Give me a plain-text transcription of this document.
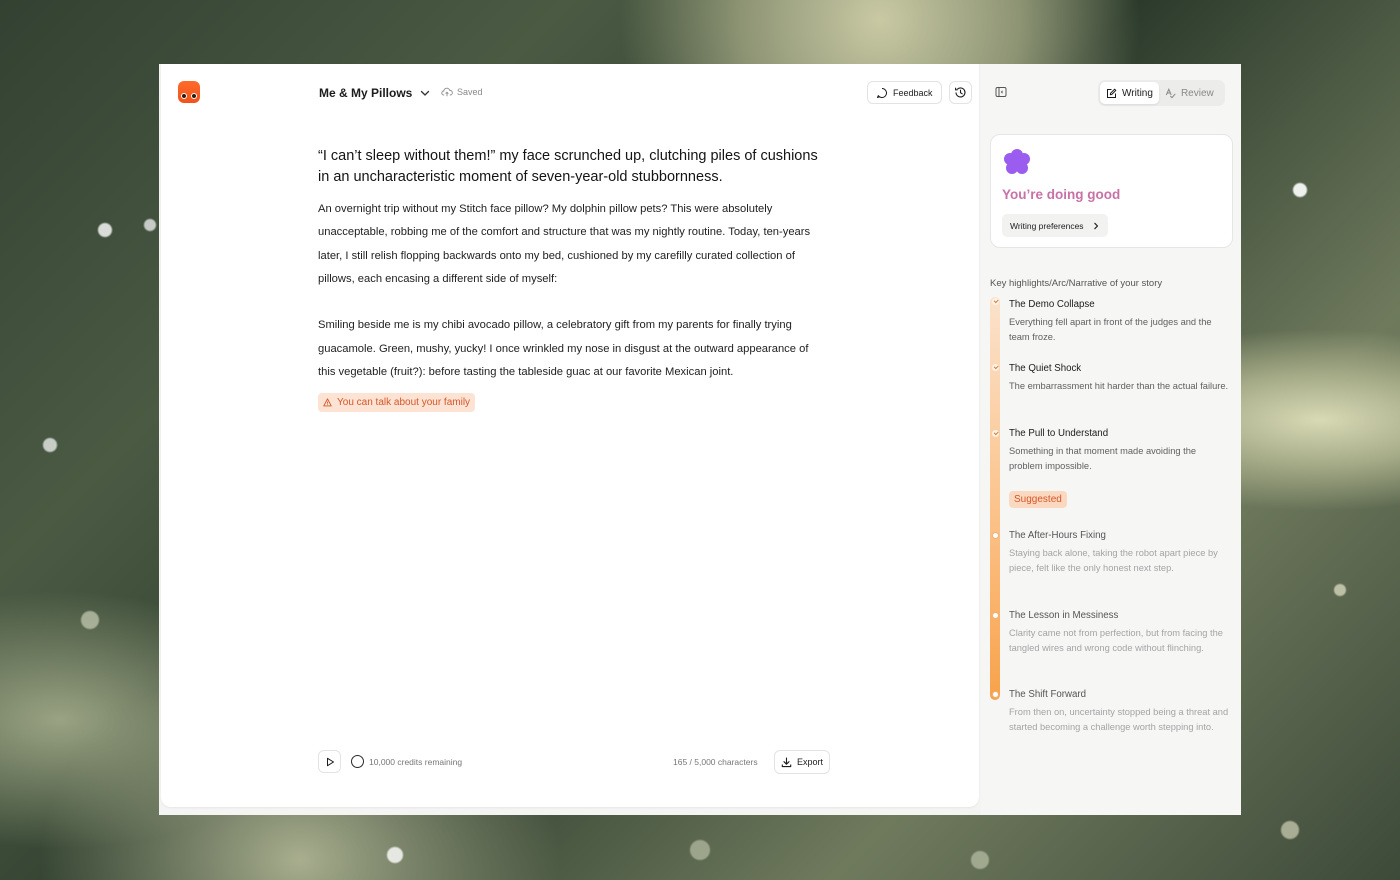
Me & My Pillows	Saved	Feedback
“I can’t sleep without them!” my face scrunched up, clutching piles of cushions in an uncharacteristic moment of seven-year-old stubbornness.

An overnight trip without my Stitch face pillow? My dolphin pillow pets? This were absolutely unacceptable, robbing me of the comfort and structure that was my nightly routine. Today, ten-years later, I still relish flopping backwards onto my bed, cushioned by my carefilly curated collection of pillows, each encasing a different side of myself:

Smiling beside me is my chibi avocado pillow, a celebratory gift from my parents for finally trying guacamole. Green, mushy, yucky! I once wrinkled my nose in disgust at the outward appearance of this vegetable (fruit?): before tasting the tableside guac at our favorite Mexican joint.

You can talk about your family
10,000 credits remaining	165 / 5,000 characters	Export
Writing	Review
You’re doing good
Writing preferences
Key highlights/Arc/Narrative of your story
The Demo Collapse
Everything fell apart in front of the judges and the team froze.
The Quiet Shock
The embarrassment hit harder than the actual failure.
The Pull to Understand
Something in that moment made avoiding the problem impossible.
Suggested
The After-Hours Fixing
Staying back alone, taking the robot apart piece by piece, felt like the only honest next step.
The Lesson in Messiness
Clarity came not from perfection, but from facing the tangled wires and wrong code without flinching.
The Shift Forward
From then on, uncertainty stopped being a threat and started becoming a challenge worth stepping into.
